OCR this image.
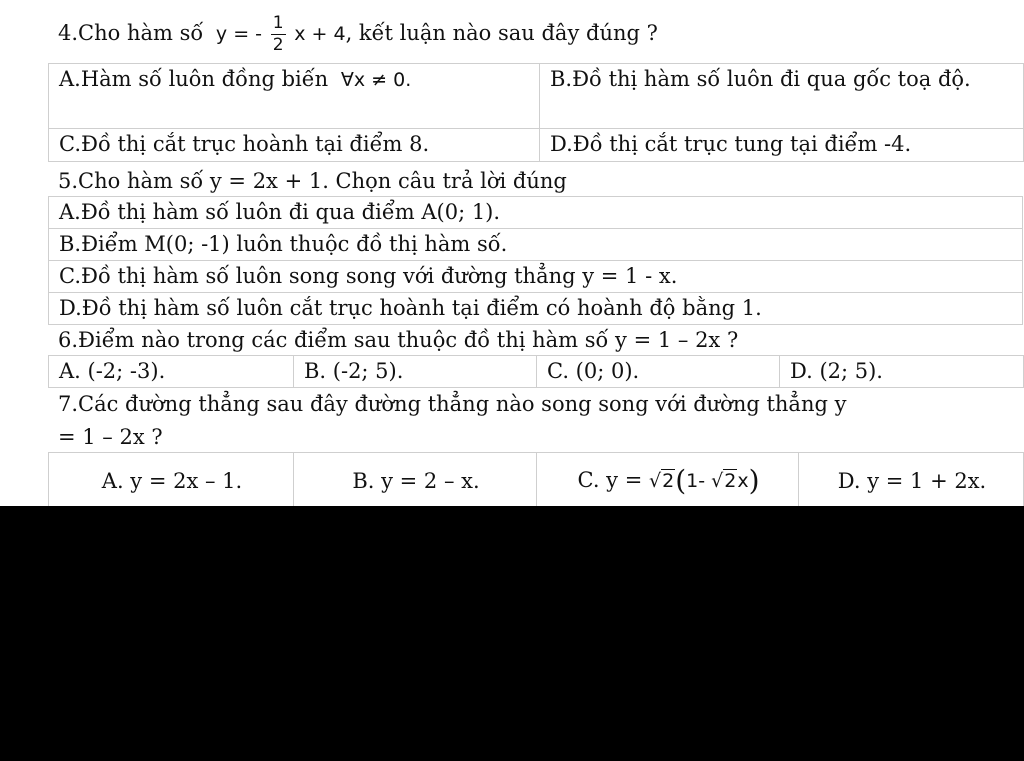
4.Cho hàm số y = - $\frac{1}{2}$ x + 4, kết luận nào sau đây đúng ?
A.Hàm số luôn đồng biến ∀x ≠ 0.	B.Đồ thị hàm số luôn đi qua gốc toạ độ.
C.Đồ thị cắt trục hoành tại điểm 8.	D.Đồ thị cắt trục tung tại điểm -4.
5.Cho hàm số y = 2x + 1. Chọn câu trả lời đúng
A.Đồ thị hàm số luôn đi qua điểm A(0; 1).
B.Điểm M(0; -1) luôn thuộc đồ thị hàm số.
C.Đồ thị hàm số luôn song song với đường thẳng y = 1 - x.
D.Đồ thị hàm số luôn cắt trục hoành tại điểm có hoành độ bằng 1.
6.Điểm nào trong các điểm sau thuộc đồ thị hàm số y = 1 – 2x ?
A. (-2; -3).	B. (-2; 5).	C. (0; 0).	D. (2; 5).
7.Các đường thẳng sau đây đường thẳng nào song song với đường thẳng y
= 1 – 2x ?
A. y = 2x – 1.	B. y = 2 – x.	C. y = √2(1- √2x)	D. y = 1 + 2x.
